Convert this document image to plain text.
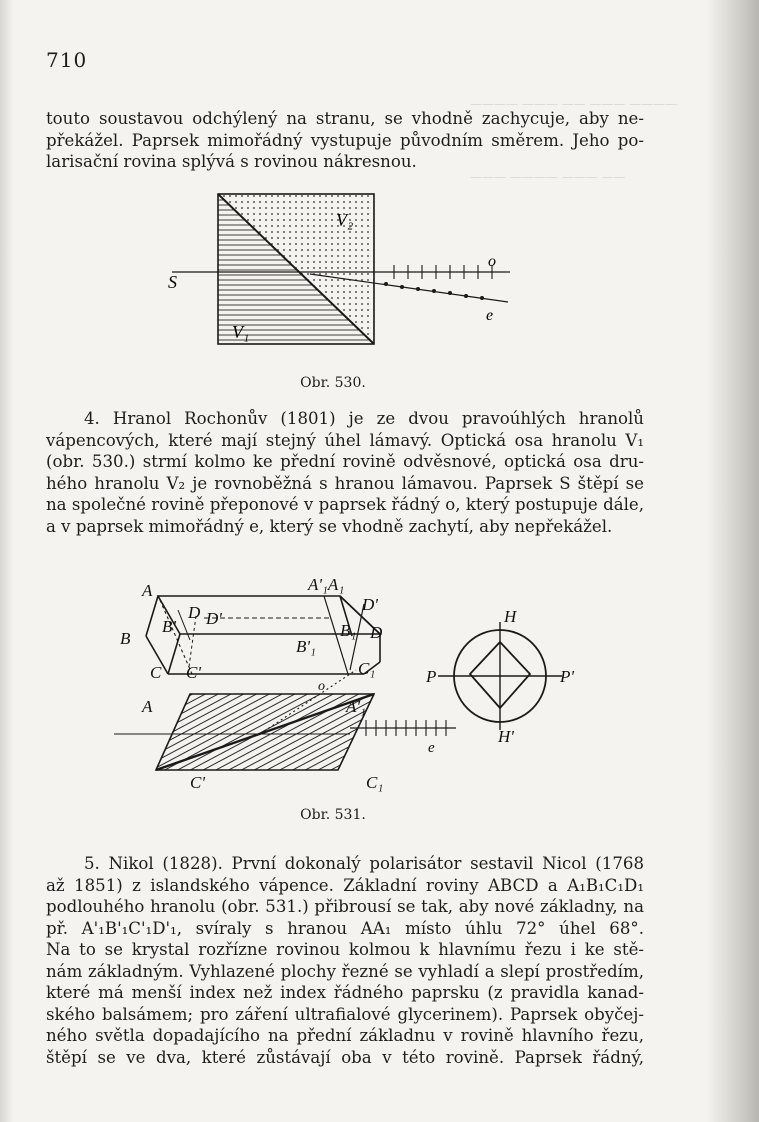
———— ——— —— ——— ————
——— ———— ——— ——
710
touto soustavou odchýlený na stranu, se vhodně zachycuje, aby ne-
překážel. Paprsek mimořádný vystupuje původním směrem. Jeho po-
larisační rovina splývá s rovinou nákresnou.
S
V₂
V₁
o
e
Obr. 530.
4. Hranol Rochonův (1801) je ze dvou pravoúhlých hranolů
vápencových, které mají stejný úhel lámavý. Optická osa hranolu V₁
(obr. 530.) strmí kolmo ke přední rovině odvěsnové, optická osa dru-
hého hranolu V₂ je rovnoběžná s hranou lámavou. Paprsek S štěpí se
na společné rovině přeponové v paprsek řádný o, který postupuje dále,
a v paprsek mimořádný e, který se vhodně zachytí, aby nepřekážel.
A	A'₁A₁
D D'
D'
B
B'	B₁
B'₁
D
C C'	C₁
A
o
A'₁
e
C'	C₁
H
H'
P	P'
Obr. 531.
5. Nikol (1828). První dokonalý polarisátor sestavil Nicol (1768
až 1851) z islandského vápence. Základní roviny ABCD a A₁B₁C₁D₁
podlouhého hranolu (obr. 531.) přibrousí se tak, aby nové základny, na
př. A'₁B'₁C'₁D'₁, svíraly s hranou AA₁ místo úhlu 72° úhel 68°.
Na to se krystal rozřízne rovinou kolmou k hlavnímu řezu i ke stě-
nám základným. Vyhlazené plochy řezné se vyhladí a slepí prostředím,
které má menší index než index řádného paprsku (z pravidla kanad-
ského balsámem; pro záření ultrafialové glycerinem). Paprsek obyčej-
ného světla dopadajícího na přední základnu v rovině hlavního řezu,
štěpí se ve dva, které zůstávají oba v této rovině. Paprsek řádný,
